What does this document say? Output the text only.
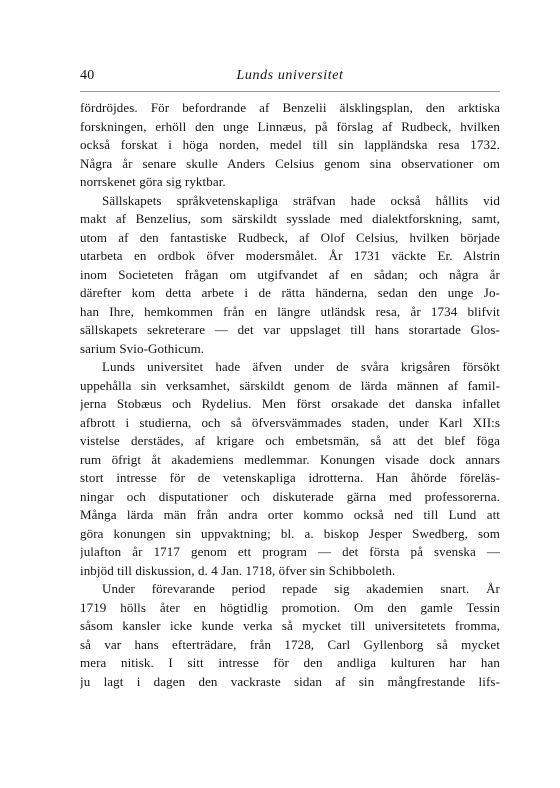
40	Lunds universitet
fördröjdes. För befordrande af Benzelii älsklingsplan, den arktiska
forskningen, erhöll den unge Linnæus, på förslag af Rudbeck, hvilken
också forskat i höga norden, medel till sin lappländska resa 1732.
Några år senare skulle Anders Celsius genom sina observationer om
norrskenet göra sig ryktbar.
Sällskapets språkvetenskapliga sträfvan hade också hållits vid
makt af Benzelius, som särskildt sysslade med dialektforskning, samt,
utom af den fantastiske Rudbeck, af Olof Celsius, hvilken började
utarbeta en ordbok öfver modersmålet. År 1731 väckte Er. Alstrin
inom Societeten frågan om utgifvandet af en sådan; och några år
därefter kom detta arbete i de rätta händerna, sedan den unge Jo-
han Ihre, hemkommen från en längre utländsk resa, år 1734 blifvit
sällskapets sekreterare — det var uppslaget till hans storartade Glos-
sarium Svio-Gothicum.
Lunds universitet hade äfven under de svåra krigsåren försökt
uppehålla sin verksamhet, särskildt genom de lärda männen af famil-
jerna Stobæus och Rydelius. Men först orsakade det danska infallet
afbrott i studierna, och så öfversvämmades staden, under Karl XII:s
vistelse derstädes, af krigare och embetsmän, så att det blef föga
rum öfrigt åt akademiens medlemmar. Konungen visade dock annars
stort intresse för de vetenskapliga idrotterna. Han åhörde föreläs-
ningar och disputationer och diskuterade gärna med professorerna.
Många lärda män från andra orter kommo också ned till Lund att
göra konungen sin uppvaktning; bl. a. biskop Jesper Swedberg, som
julafton år 1717 genom ett program — det första på svenska —
inbjöd till diskussion, d. 4 Jan. 1718, öfver sin Schibboleth.
Under förevarande period repade sig akademien snart. År
1719 hölls åter en högtidlig promotion. Om den gamle Tessin
såsom kansler icke kunde verka så mycket till universitetets fromma,
så var hans efterträdare, från 1728, Carl Gyllenborg så mycket
mera nitisk. I sitt intresse för den andliga kulturen har han
ju lagt i dagen den vackraste sidan af sin mångfrestande lifs-
